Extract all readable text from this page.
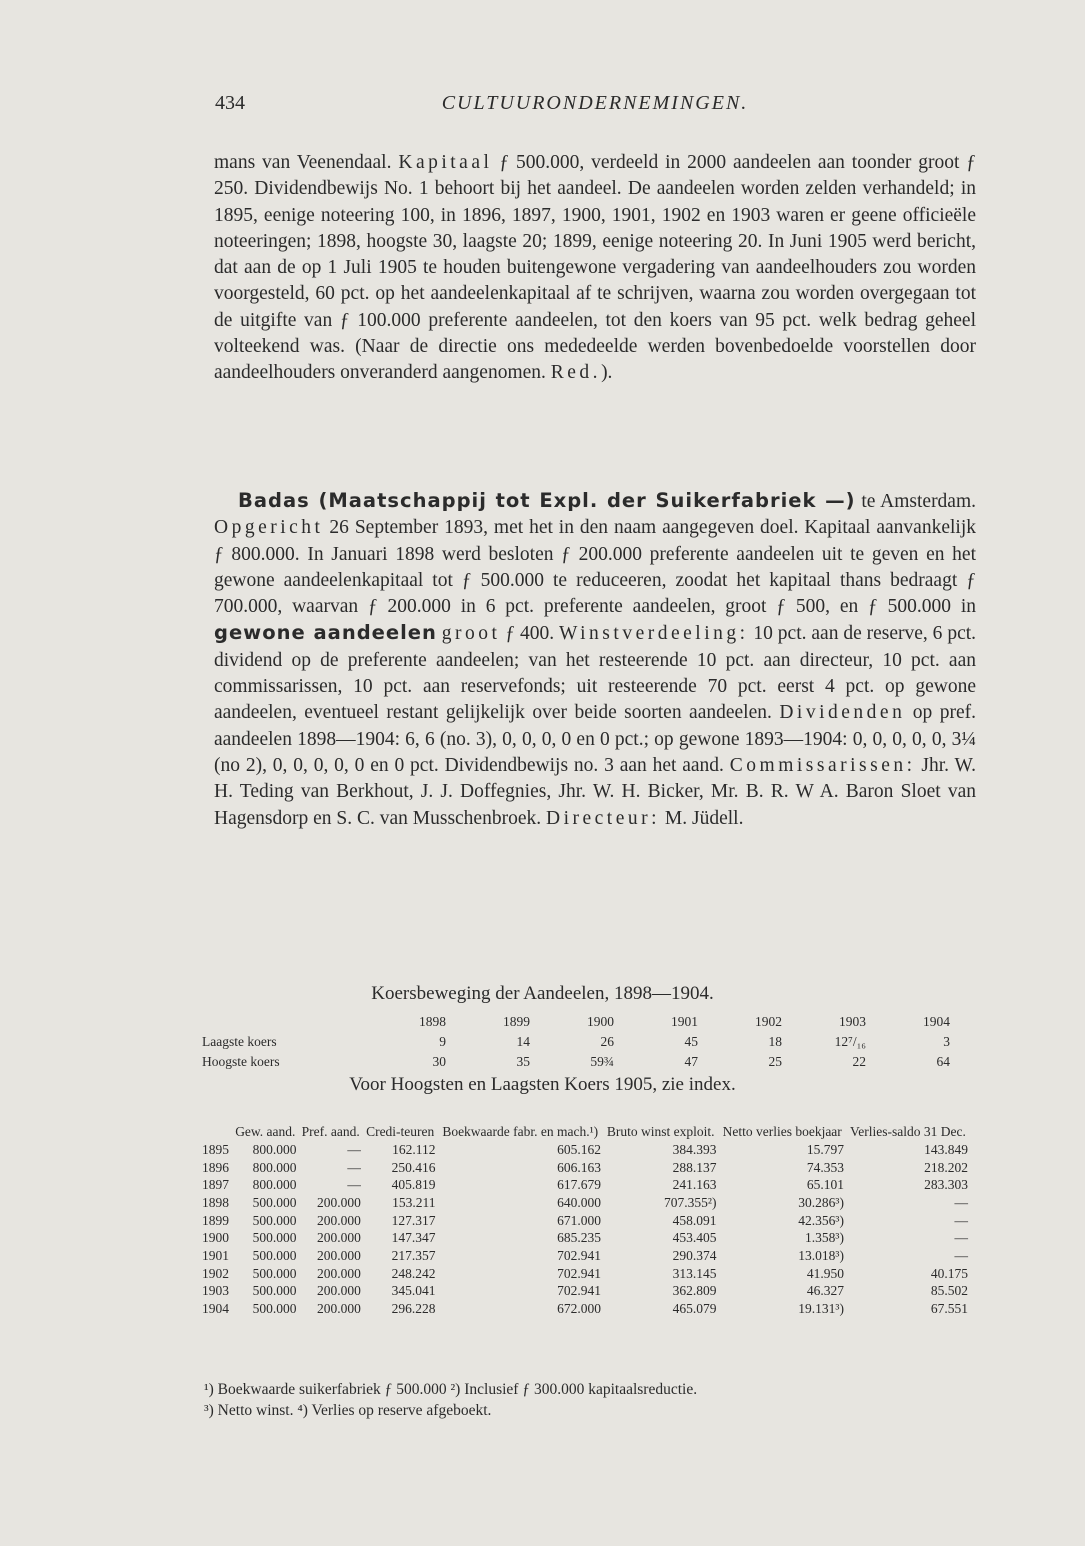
434	CULTUURONDERNEMINGEN.
mans van Veenendaal. Kapitaal ƒ 500.000, verdeeld in 2000 aandeelen aan toonder groot ƒ 250. Dividendbewijs No. 1 behoort bij het aandeel. De aandeelen worden zelden verhandeld; in 1895, eenige noteering 100, in 1896, 1897, 1900, 1901, 1902 en 1903 waren er geene officieële noteeringen; 1898, hoogste 30, laagste 20; 1899, eenige noteering 20. In Juni 1905 werd bericht, dat aan de op 1 Juli 1905 te houden buitengewone vergadering van aandeelhouders zou worden voorgesteld, 60 pct. op het aandeelenkapitaal af te schrijven, waarna zou worden overgegaan tot de uitgifte van ƒ 100.000 preferente aandeelen, tot den koers van 95 pct. welk bedrag geheel volteekend was. (Naar de directie ons mededeelde werden bovenbedoelde voorstellen door aandeelhouders onveranderd aangenomen. Red.).
Badas (Maatschappij tot Expl. der Suikerfabriek —) te Amsterdam. Opgericht 26 September 1893, met het in den naam aangegeven doel. Kapitaal aanvankelijk ƒ 800.000. In Januari 1898 werd besloten ƒ 200.000 preferente aandeelen uit te geven en het gewone aandeelenkapitaal tot ƒ 500.000 te reduceeren, zoodat het kapitaal thans bedraagt ƒ 700.000, waarvan ƒ 200.000 in 6 pct. preferente aandeelen, groot ƒ 500, en ƒ 500.000 in gewone aandeelen groot ƒ 400. Winstverdeeling: 10 pct. aan de reserve, 6 pct. dividend op de preferente aandeelen; van het resteerende 10 pct. aan directeur, 10 pct. aan commissarissen, 10 pct. aan reservefonds; uit resteerende 70 pct. eerst 4 pct. op gewone aandeelen, eventueel restant gelijkelijk over beide soorten aandeelen. Dividenden op pref. aandeelen 1898—1904: 6, 6 (no. 3), 0, 0, 0, 0 en 0 pct.; op gewone 1893—1904: 0, 0, 0, 0, 0, 3¼ (no 2), 0, 0, 0, 0, 0 en 0 pct. Dividendbewijs no. 3 aan het aand. Commissarissen: Jhr. W. H. Teding van Berkhout, J. J. Doffegnies, Jhr. W. H. Bicker, Mr. B. R. W A. Baron Sloet van Hagensdorp en S. C. van Musschenbroek. Directeur: M. Jüdell.
Koersbeweging der Aandeelen, 1898—1904.
	1898	1899	1900	1901	1902	1903	1904
Laagste koers	9	14	26	45	18	12⁷/₁₆	3
Hoogste koers	30	35	59¾	47	25	22	64
Voor Hoogsten en Laagsten Koers 1905, zie index.
	Gew. aand.	Pref. aand.	Credi-teuren	Boekwaarde fabr. en mach.¹)	Bruto winst exploit.	Netto verlies boekjaar	Verlies-saldo 31 Dec.
1895	800.000	—	162.112	605.162	384.393	15.797	143.849
1896	800.000	—	250.416	606.163	288.137	74.353	218.202
1897	800.000	—	405.819	617.679	241.163	65.101	283.303
1898	500.000	200.000	153.211	640.000	707.355²)	30.286³)	—
1899	500.000	200.000	127.317	671.000	458.091	42.356³)	—
1900	500.000	200.000	147.347	685.235	453.405	1.358³)	—
1901	500.000	200.000	217.357	702.941	290.374	13.018³)	—
1902	500.000	200.000	248.242	702.941	313.145	41.950	40.175
1903	500.000	200.000	345.041	702.941	362.809	46.327	85.502
1904	500.000	200.000	296.228	672.000	465.079	19.131³)	67.551
¹) Boekwaarde suikerfabriek ƒ 500.000 ²) Inclusief ƒ 300.000 kapitaalsreductie.
³) Netto winst. ⁴) Verlies op reserve afgeboekt.
